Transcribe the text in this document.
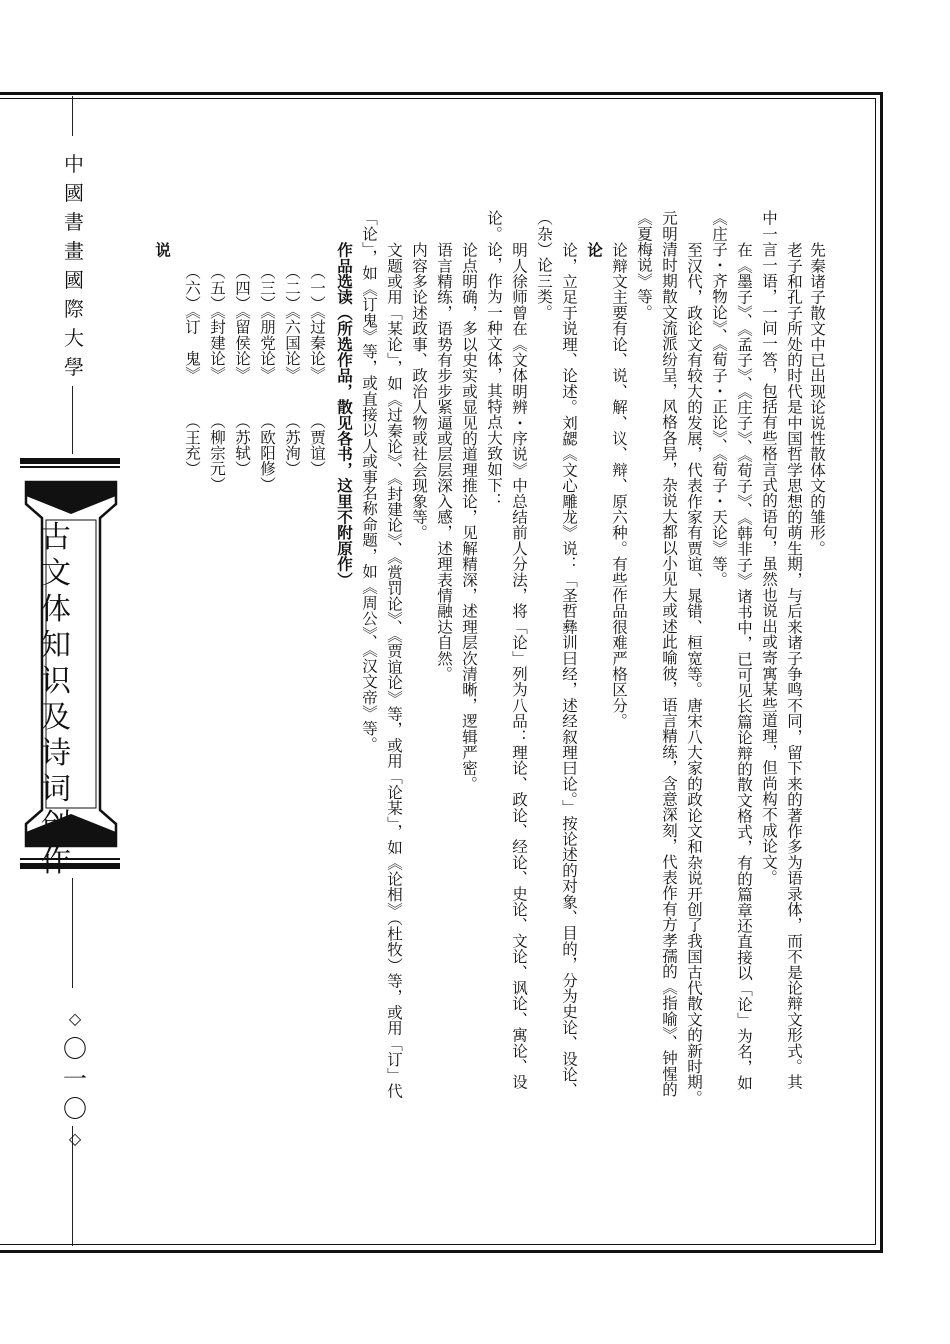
中
國
書
畫
國
際
大
學
古
文
体
知
识
及
诗
词
创
作
◇
〇
一
〇
◇
先秦诸子散文中已出现论说性散体文的雏形。
老子和孔子所处的时代是中国哲学思想的萌生期，与后来诸子争鸣不同，留下来的著作多为语录体，而不是论辩文形式。其
中一言一语，一问一答，包括有些格言式的语句，虽然也说出或寄寓某些道理，但尚构不成论文。
在《墨子》、《孟子》、《庄子》、《荀子》、《韩非子》诸书中，已可见长篇论辩的散文格式，有的篇章还直接以「论」为名，如
《庄子・齐物论》、《荀子・正论》、《荀子・天论》等。
至汉代，政论文有较大的发展，代表作家有贾谊、晁错、桓宽等。唐宋八大家的政论文和杂说开创了我国古代散文的新时期。
元明清时期散文流派纷呈，风格各异，杂说大都以小见大或述此喻彼，语言精练，含意深刻，代表作有方孝孺的《指喻》、钟惺的
《夏梅说》等。
论辩文主要有论、说、解、议、辩、原六种。有些作品很难严格区分。
论
论，立足于说理、论述。刘勰《文心雕龙》说：「圣哲彝训曰经，述经叙理曰论。」按论述的对象、目的，分为史论、设论、
（杂）论三类。
明人徐师曾在《文体明辨・序说》中总结前人分法，将「论」列为八品：理论、政论、经论、史论、文论、讽论、寓论、设
论。论，作为一种文体，其特点大致如下：
论点明确，多以史实或显见的道理推论，见解精深，述理层次清晰，逻辑严密。
语言精练，语势有步步紧逼或层层深入感，述理表情融达自然。
内容多论述政事、政治人物或社会现象等。
文题或用「某论」，如《过秦论》、《封建论》、《赏罚论》、《贾谊论》等，或用「论某」，如《论相》（杜牧）等，或用「订」代
「论」，如《订鬼》等，或直接以人或事名称命题，如《周公》、《汉文帝》等。
作品选读（所选作品，散见各书，这里不附原作）
（一）《过秦论》　　　（贾谊）
（二）《六国论》　　　（苏洵）
（三）《朋党论》　　　（欧阳修）
（四）《留侯论》　　　（苏轼）
（五）《封建论》　　　（柳宗元）
（六）《订　鬼》　　　（王充）
说
